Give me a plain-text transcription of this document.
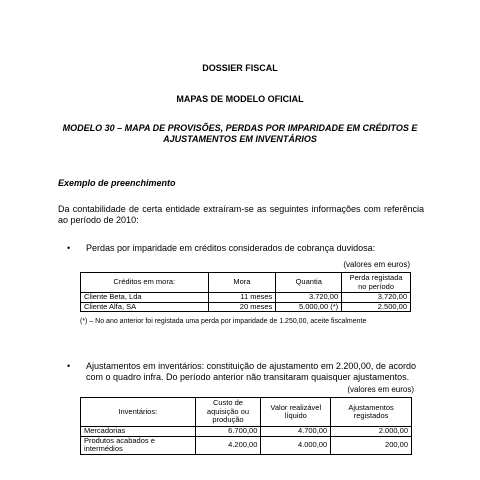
DOSSIER FISCAL
MAPAS DE MODELO OFICIAL
MODELO 30 – MAPA DE PROVISÕES, PERDAS POR IMPARIDADE EM CRÉDITOS E
AJUSTAMENTOS EM INVENTÁRIOS
Exemplo de preenchimento
Da contabilidade de certa entidade extraíram-se as seguintes informações com referência
ao período de 2010:
• Perdas por imparidade em créditos considerados de cobrança duvidosa:
(valores em euros)
Créditos em mora:	Mora	Quantia	Perda registada no período
Cliente Beta, Lda	11 meses	3.720,00	3.720,00
Cliente Alfa, SA	20 meses	5.000,00 (*)	2.500,00
(*) – No ano anterior foi registada uma perda por imparidade de 1.250,00, aceite fiscalmente
• Ajustamentos em inventários: constituição de ajustamento em 2.200,00, de acordo
com o quadro infra. Do período anterior não transitaram quaisquer ajustamentos.
(valores em euros)
Inventários:	Custo de aquisição ou produção	Valor realizável líquido	Ajustamentos registados
Mercadorias	6.700,00	4.700,00	2.000,00
Produtos acabados e intermédios	4.200,00	4.000,00	200,00
